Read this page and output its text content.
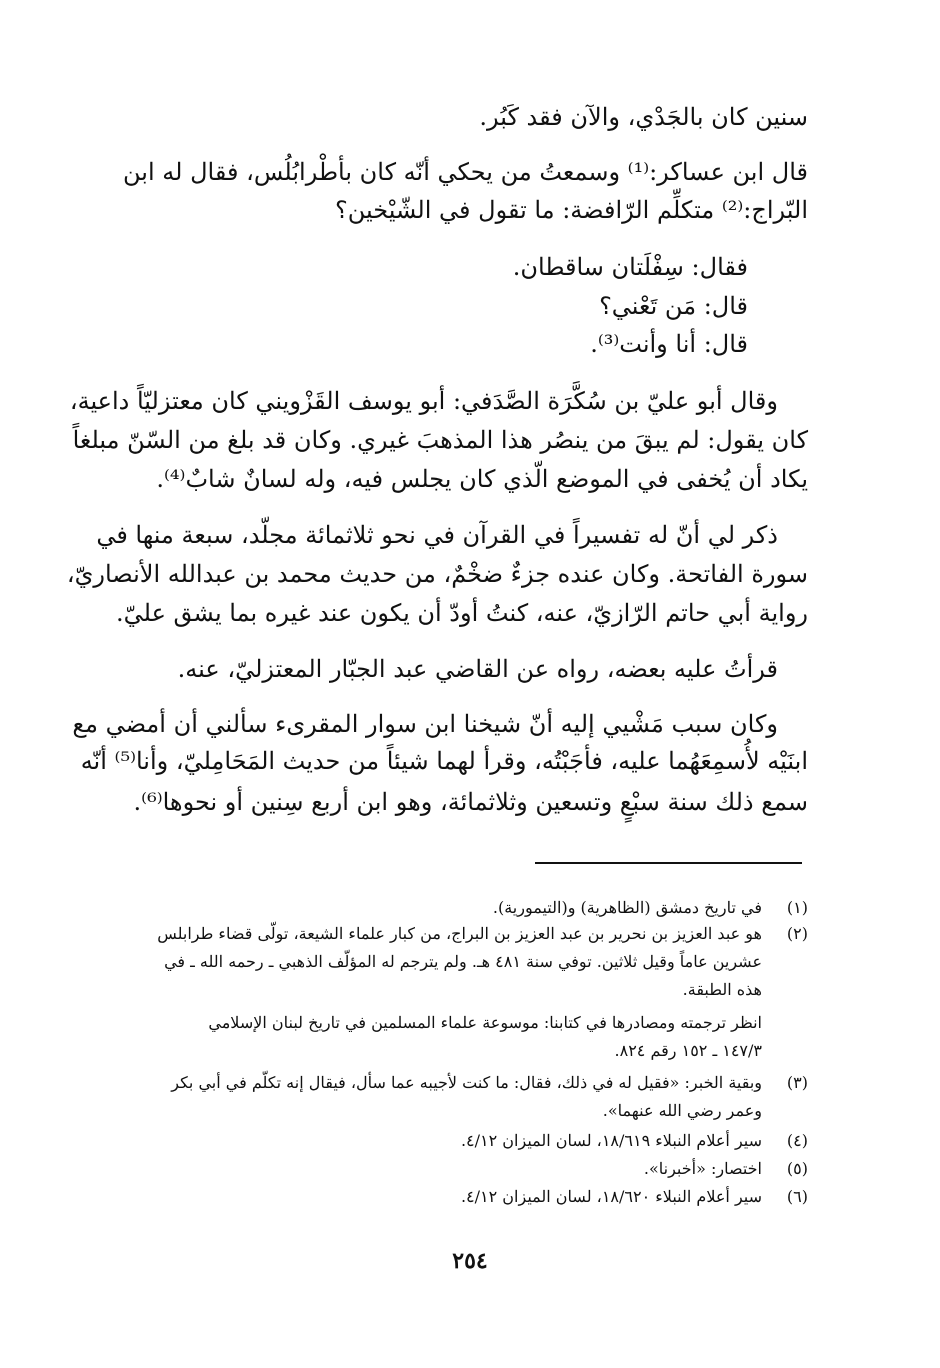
سنين كان بالجَدْي، والآن فقد كَبُر.
قال ابن عساكر:⁽¹⁾ وسمعتُ من يحكي أنّه كان بأطْرابُلُس، فقال له ابن
البّراج:⁽²⁾ متكلِّم الرّافضة: ما تقول في الشّيْخين؟
فقال: سِفْلَتان ساقطان.
قال: مَن تَعْني؟
قال: أنا وأنت⁽³⁾.
وقال أبو عليّ بن سُكَّرَة الصَّدَفي: أبو يوسف القَزْويني كان معتزليّاً داعية،
كان يقول: لم يبقَ من ينصُر هذا المذهبَ غيري. وكان قد بلغ من السّنّ مبلغاً
يكاد أن يُخفى في الموضع الّذي كان يجلس فيه، وله لسانٌ شابٌ⁽⁴⁾.
ذكر لي أنّ له تفسيراً في القرآن في نحو ثلاثمائة مجلّد، سبعة منها في
سورة الفاتحة. وكان عنده جزءٌ ضخْمٌ، من حديث محمد بن عبدالله الأنصاريّ،
رواية أبي حاتم الرّازيّ، عنه، كنتُ أودّ أن يكون عند غيره بما يشق عليّ.
قرأتُ عليه بعضه، رواه عن القاضي عبد الجبّار المعتزليّ، عنه.
وكان سبب مَشْيي إليه أنّ شيخنا ابن سوار المقرىء سألني أن أمضي مع
ابنَيْه لأُسمِعَهُما عليه، فأجَبْتُه، وقرأ لهما شيئاً من حديث المَحَامِليّ، وأنا⁽⁵⁾ أنّه
سمع ذلك سنة سبْعٍ وتسعين وثلاثمائة، وهو ابن أربع سِنين أو نحوها⁽⁶⁾.
(١)
في تاريخ دمشق (الظاهرية) و(التيمورية).
(٢)
هو عبد العزيز بن نحرير بن عبد العزيز بن البراج، من كبار علماء الشيعة، تولّى قضاء طرابلس
عشرين عاماً وقيل ثلاثين. توفي سنة ٤٨١ هـ. ولم يترجم له المؤلّف الذهبي ـ رحمه الله ـ في
هذه الطبقة.
انظر ترجمته ومصادرها في كتابنا: موسوعة علماء المسلمين في تاريخ لبنان الإسلامي
١٤٧/٣ ـ ١٥٢ رقم ٨٢٤.
(٣)
وبقية الخبر: «فقيل له في ذلك، فقال: ما كنت لأجيبه عما سأل، فيقال إنه تكلّم في أبي بكر
وعمر رضي الله عنهما».
(٤)
سير أعلام النبلاء ١٨/٦١٩، لسان الميزان ٤/١٢.
(٥)
اختصار: «أخبرنا».
(٦)
سير أعلام النبلاء ١٨/٦٢٠، لسان الميزان ٤/١٢.
٢٥٤
